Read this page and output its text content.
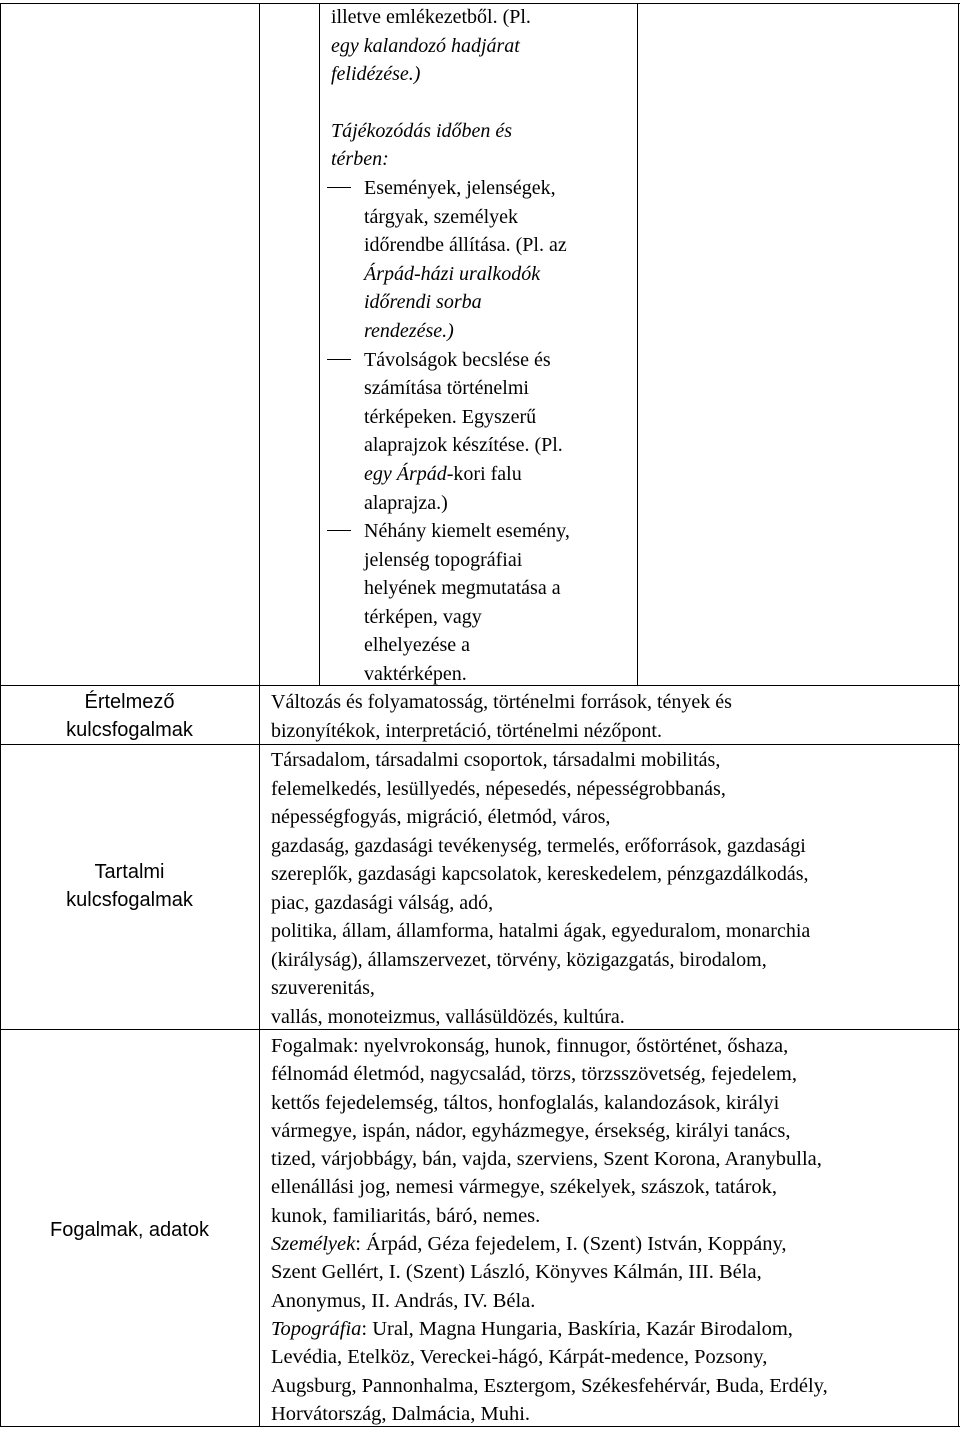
illetve emlékezetből. (Pl.
egy kalandozó hadjárat
felidézése.)
Tájékozódás időben és
térben:
Események, jelenségek,
tárgyak, személyek
időrendbe állítása. (Pl. az
Árpád-házi uralkodók
időrendi sorba
rendezése.)
Távolságok becslése és
számítása történelmi
térképeken. Egyszerű
alaprajzok készítése. (Pl.
egy Árpád-kori falu
alaprajza.)
Néhány kiemelt esemény,
jelenség topográfiai
helyének megmutatása a
térképen, vagy
elhelyezése a
vaktérképen.
Értelmező
kulcsfogalmak
Tartalmi
kulcsfogalmak
Fogalmak, adatok
Változás és folyamatosság, történelmi források, tények és
bizonyítékok, interpretáció, történelmi nézőpont.
Társadalom, társadalmi csoportok, társadalmi mobilitás,
felemelkedés, lesüllyedés, népesedés, népességrobbanás,
népességfogyás, migráció, életmód, város,
gazdaság, gazdasági tevékenység, termelés, erőforrások, gazdasági
szereplők, gazdasági kapcsolatok, kereskedelem, pénzgazdálkodás,
piac, gazdasági válság, adó,
politika, állam, államforma, hatalmi ágak, egyeduralom, monarchia
(királyság), államszervezet, törvény, közigazgatás, birodalom,
szuverenitás,
vallás, monoteizmus, vallásüldözés, kultúra.
Fogalmak: nyelvrokonság, hunok, finnugor, őstörténet, őshaza,
félnomád életmód, nagycsalád, törzs, törzsszövetség, fejedelem,
kettős fejedelemség, táltos, honfoglalás, kalandozások, királyi
vármegye, ispán, nádor, egyházmegye, érsekség, királyi tanács,
tized, várjobbágy, bán, vajda, szerviens, Szent Korona, Aranybulla,
ellenállási jog, nemesi vármegye, székelyek, szászok, tatárok,
kunok, familiaritás, báró, nemes.
Személyek: Árpád, Géza fejedelem, I. (Szent) István, Koppány,
Szent Gellért, I. (Szent) László, Könyves Kálmán, III. Béla,
Anonymus, II. András, IV. Béla.
Topográfia: Ural, Magna Hungaria, Baskíria, Kazár Birodalom,
Levédia, Etelköz, Vereckei-hágó, Kárpát-medence, Pozsony,
Augsburg, Pannonhalma, Esztergom, Székesfehérvár, Buda, Erdély,
Horvátország, Dalmácia, Muhi.
